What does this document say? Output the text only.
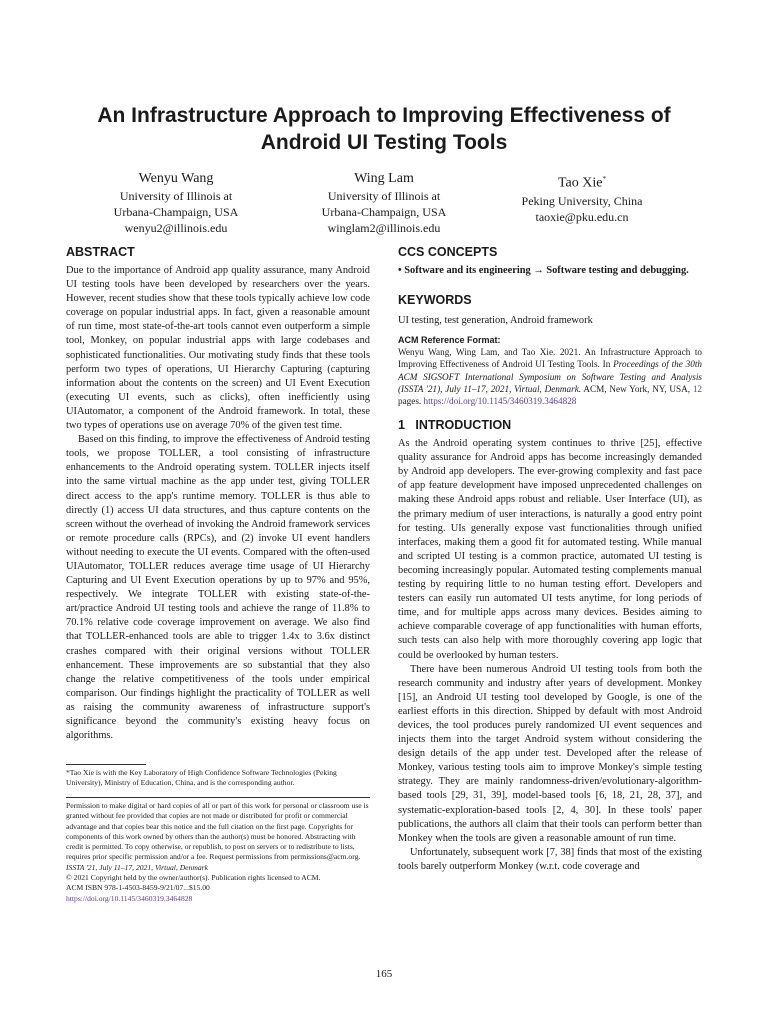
An Infrastructure Approach to Improving Effectiveness of
Android UI Testing Tools
Wenyu Wang
University of Illinois at
Urbana-Champaign, USA
wenyu2@illinois.edu
Wing Lam
University of Illinois at
Urbana-Champaign, USA
winglam2@illinois.edu
Tao Xie*
Peking University, China
taoxie@pku.edu.cn
ABSTRACT

Due to the importance of Android app quality assurance, many Android UI testing tools have been developed by researchers over the years. However, recent studies show that these tools typically achieve low code coverage on popular industrial apps. In fact, given a reasonable amount of run time, most state-of-the-art tools cannot even outperform a simple tool, Monkey, on popular industrial apps with large codebases and sophisticated functionalities. Our motivating study finds that these tools perform two types of operations, UI Hierarchy Capturing (capturing information about the contents on the screen) and UI Event Execution (executing UI events, such as clicks), often inefficiently using UIAutomator, a component of the Android framework. In total, these two types of operations use on average 70% of the given test time.

Based on this finding, to improve the effectiveness of Android testing tools, we propose TOLLER, a tool consisting of infrastructure enhancements to the Android operating system. TOLLER injects itself into the same virtual machine as the app under test, giving TOLLER direct access to the app's runtime memory. TOLLER is thus able to directly (1) access UI data structures, and thus capture contents on the screen without the overhead of invoking the Android framework services or remote procedure calls (RPCs), and (2) invoke UI event handlers without needing to execute the UI events. Compared with the often-used UIAutomator, TOLLER reduces average time usage of UI Hierarchy Capturing and UI Event Execution operations by up to 97% and 95%, respectively. We integrate TOLLER with existing state-of-the-art/practice Android UI testing tools and achieve the range of 11.8% to 70.1% relative code coverage improvement on average. We also find that TOLLER-enhanced tools are able to trigger 1.4x to 3.6x distinct crashes compared with their original versions without TOLLER enhancement. These improvements are so substantial that they also change the relative competitiveness of the tools under empirical comparison. Our findings highlight the practicality of TOLLER as well as raising the community awareness of infrastructure support's significance beyond the community's existing heavy focus on algorithms.

*Tao Xie is with the Key Laboratory of High Confidence Software Technologies (Peking University), Ministry of Education, China, and is the corresponding author.
Permission to make digital or hard copies of all or part of this work for personal or classroom use is granted without fee provided that copies are not made or distributed for profit or commercial advantage and that copies bear this notice and the full citation on the first page. Copyrights for components of this work owned by others than the author(s) must be honored. Abstracting with credit is permitted. To copy otherwise, or republish, to post on servers or to redistribute to lists, requires prior specific permission and/or a fee. Request permissions from permissions@acm.org.
ISSTA '21, July 11–17, 2021, Virtual, Denmark
© 2021 Copyright held by the owner/author(s). Publication rights licensed to ACM.
ACM ISBN 978-1-4503-8459-9/21/07...$15.00
https://doi.org/10.1145/3460319.3464828
CCS CONCEPTS
• Software and its engineering → Software testing and debugging.
KEYWORDS

UI testing, test generation, Android framework

ACM Reference Format:
Wenyu Wang, Wing Lam, and Tao Xie. 2021. An Infrastructure Approach to Improving Effectiveness of Android UI Testing Tools. In Proceedings of the 30th ACM SIGSOFT International Symposium on Software Testing and Analysis (ISSTA '21), July 11–17, 2021, Virtual, Denmark. ACM, New York, NY, USA, 12 pages. https://doi.org/10.1145/3460319.3464828
1   INTRODUCTION

As the Android operating system continues to thrive [25], effective quality assurance for Android apps has become increasingly demanded by Android app developers. The ever-growing complexity and fast pace of app feature development have imposed unprecedented challenges on making these Android apps robust and reliable. User Interface (UI), as the primary medium of user interactions, is naturally a good entry point for testing. UIs generally expose vast functionalities through unified interfaces, making them a good fit for automated testing. While manual and scripted UI testing is a common practice, automated UI testing is becoming increasingly popular. Automated testing complements manual testing by requiring little to no human testing effort. Developers and testers can easily run automated UI tests anytime, for long periods of time, and for multiple apps across many devices. Besides aiming to achieve comparable coverage of app functionalities with human efforts, such tests can also help with more thoroughly covering app logic that could be overlooked by human testers.

There have been numerous Android UI testing tools from both the research community and industry after years of development. Monkey [15], an Android UI testing tool developed by Google, is one of the earliest efforts in this direction. Shipped by default with most Android devices, the tool produces purely randomized UI event sequences and injects them into the target Android system without considering the design details of the app under test. Developed after the release of Monkey, various testing tools aim to improve Monkey's simple testing strategy. They are mainly randomness-driven/evolutionary-algorithm-based tools [29, 31, 39], model-based tools [6, 18, 21, 28, 37], and systematic-exploration-based tools [2, 4, 30]. In these tools' paper publications, the authors all claim that their tools can perform better than Monkey when the tools are given a reasonable amount of run time.

Unfortunately, subsequent work [7, 38] finds that most of the existing tools barely outperform Monkey (w.r.t. code coverage and

165
